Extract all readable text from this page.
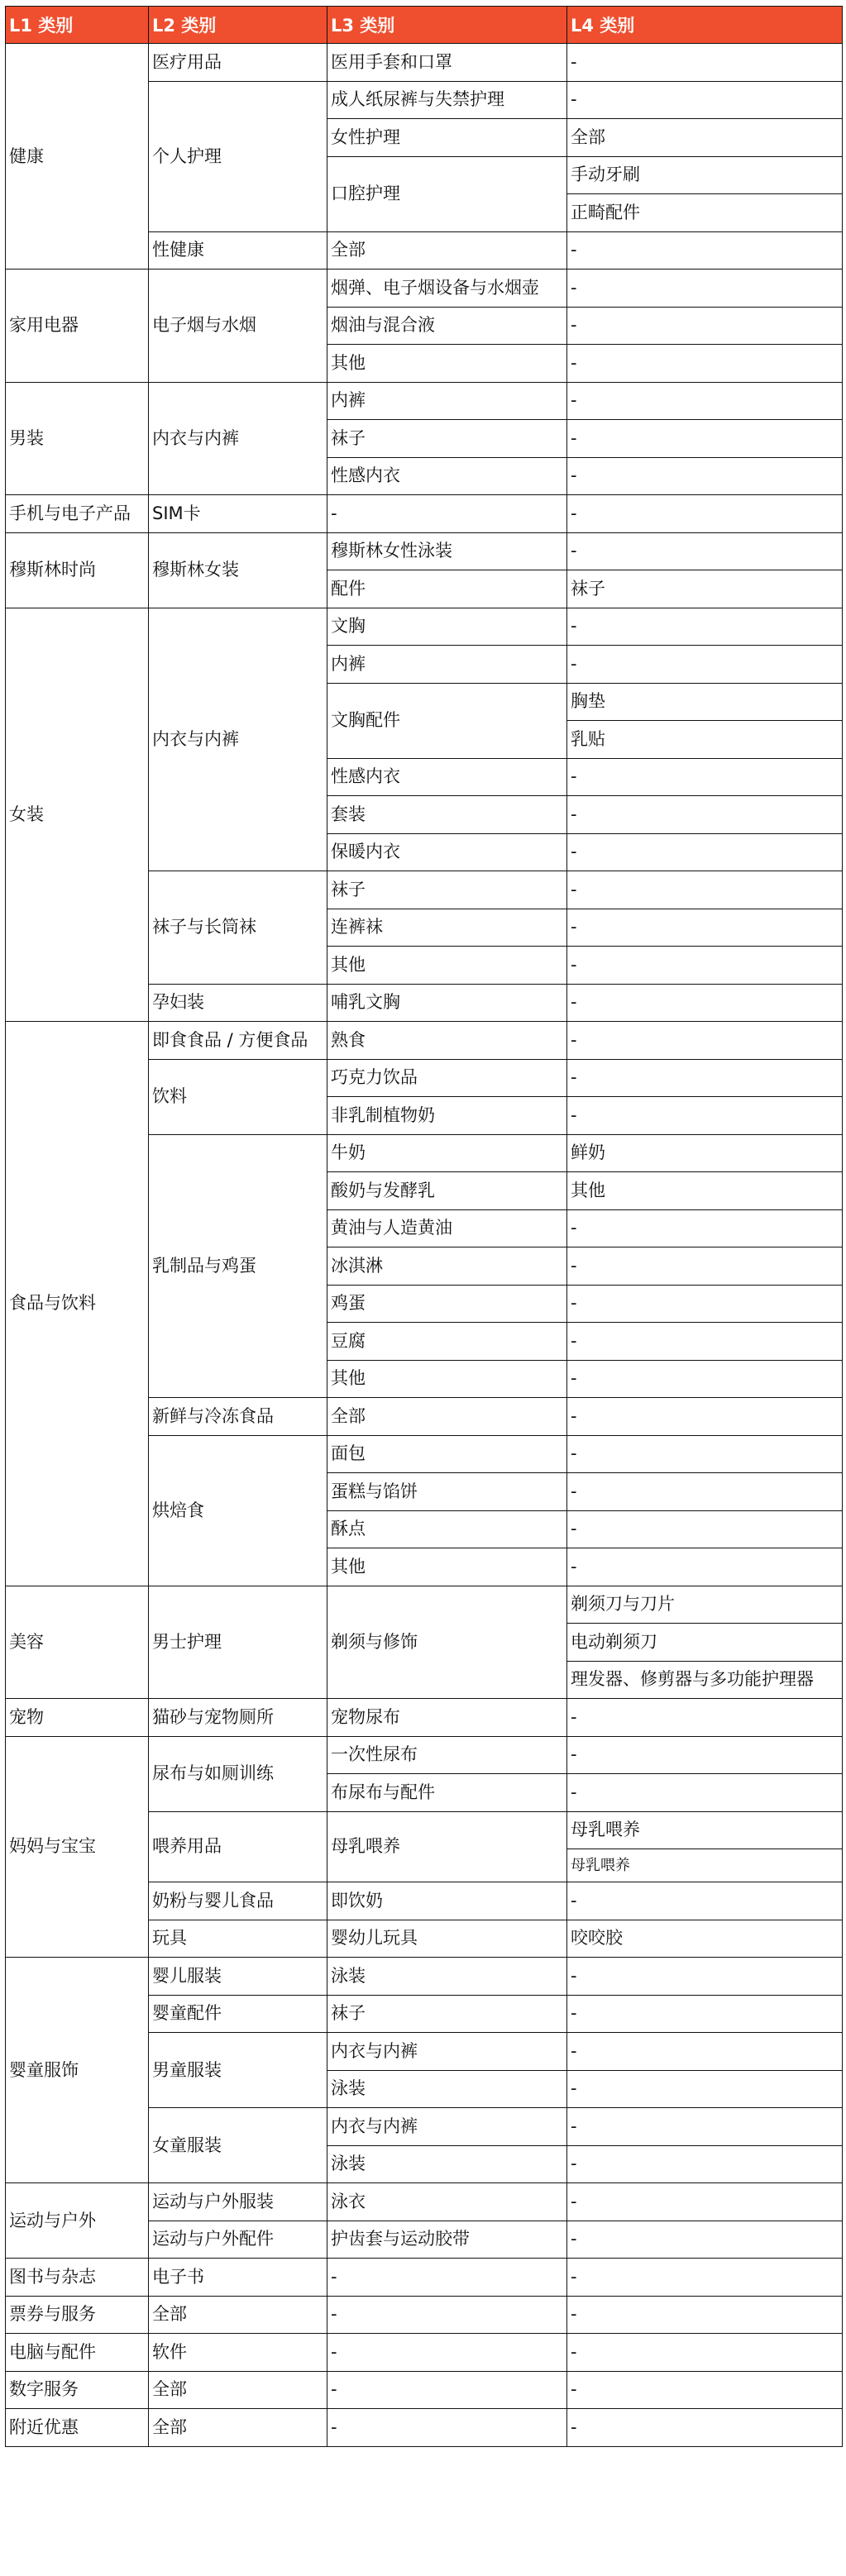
L1 类别	L2 类别	L3 类别	L4 类别
健康	医疗用品	医用手套和口罩	-
	个人护理	成人纸尿裤与失禁护理	-
		女性护理	全部
		口腔护理	手动牙刷
			正畸配件
	性健康	全部	-
家用电器	电子烟与水烟	烟弹、电子烟设备与水烟壶	-
		烟油与混合液	-
		其他	-
男装	内衣与内裤	内裤	-
		袜子	-
		性感内衣	-
手机与电子产品	SIM卡	-	-
穆斯林时尚	穆斯林女装	穆斯林女性泳装	-
		配件	袜子
女装	内衣与内裤	文胸	-
		内裤	-
		文胸配件	胸垫
			乳贴
		性感内衣	-
		套装	-
		保暖内衣	-
	袜子与长筒袜	袜子	-
		连裤袜	-
		其他	-
	孕妇装	哺乳文胸	-
食品与饮料	即食食品 / 方便食品	熟食	-
	饮料	巧克力饮品	-
		非乳制植物奶	-
	乳制品与鸡蛋	牛奶	鲜奶
		酸奶与发酵乳	其他
		黄油与人造黄油	-
		冰淇淋	-
		鸡蛋	-
		豆腐	-
		其他	-
	新鲜与冷冻食品	全部	-
	烘焙食	面包	-
		蛋糕与馅饼	-
		酥点	-
		其他	-
美容	男士护理	剃须与修饰	剃须刀与刀片
			电动剃须刀
			理发器、修剪器与多功能护理器
宠物	猫砂与宠物厕所	宠物尿布	-
妈妈与宝宝	尿布与如厕训练	一次性尿布	-
		布尿布与配件	-
	喂养用品	母乳喂养	母乳喂养
			母乳喂养
	奶粉与婴儿食品	即饮奶	-
	玩具	婴幼儿玩具	咬咬胶
婴童服饰	婴儿服装	泳装	-
	婴童配件	袜子	-
	男童服装	内衣与内裤	-
		泳装	-
	女童服装	内衣与内裤	-
		泳装	-
运动与户外	运动与户外服装	泳衣	-
	运动与户外配件	护齿套与运动胶带	-
图书与杂志	电子书	-	-
票券与服务	全部	-	-
电脑与配件	软件	-	-
数字服务	全部	-	-
附近优惠	全部	-	-
